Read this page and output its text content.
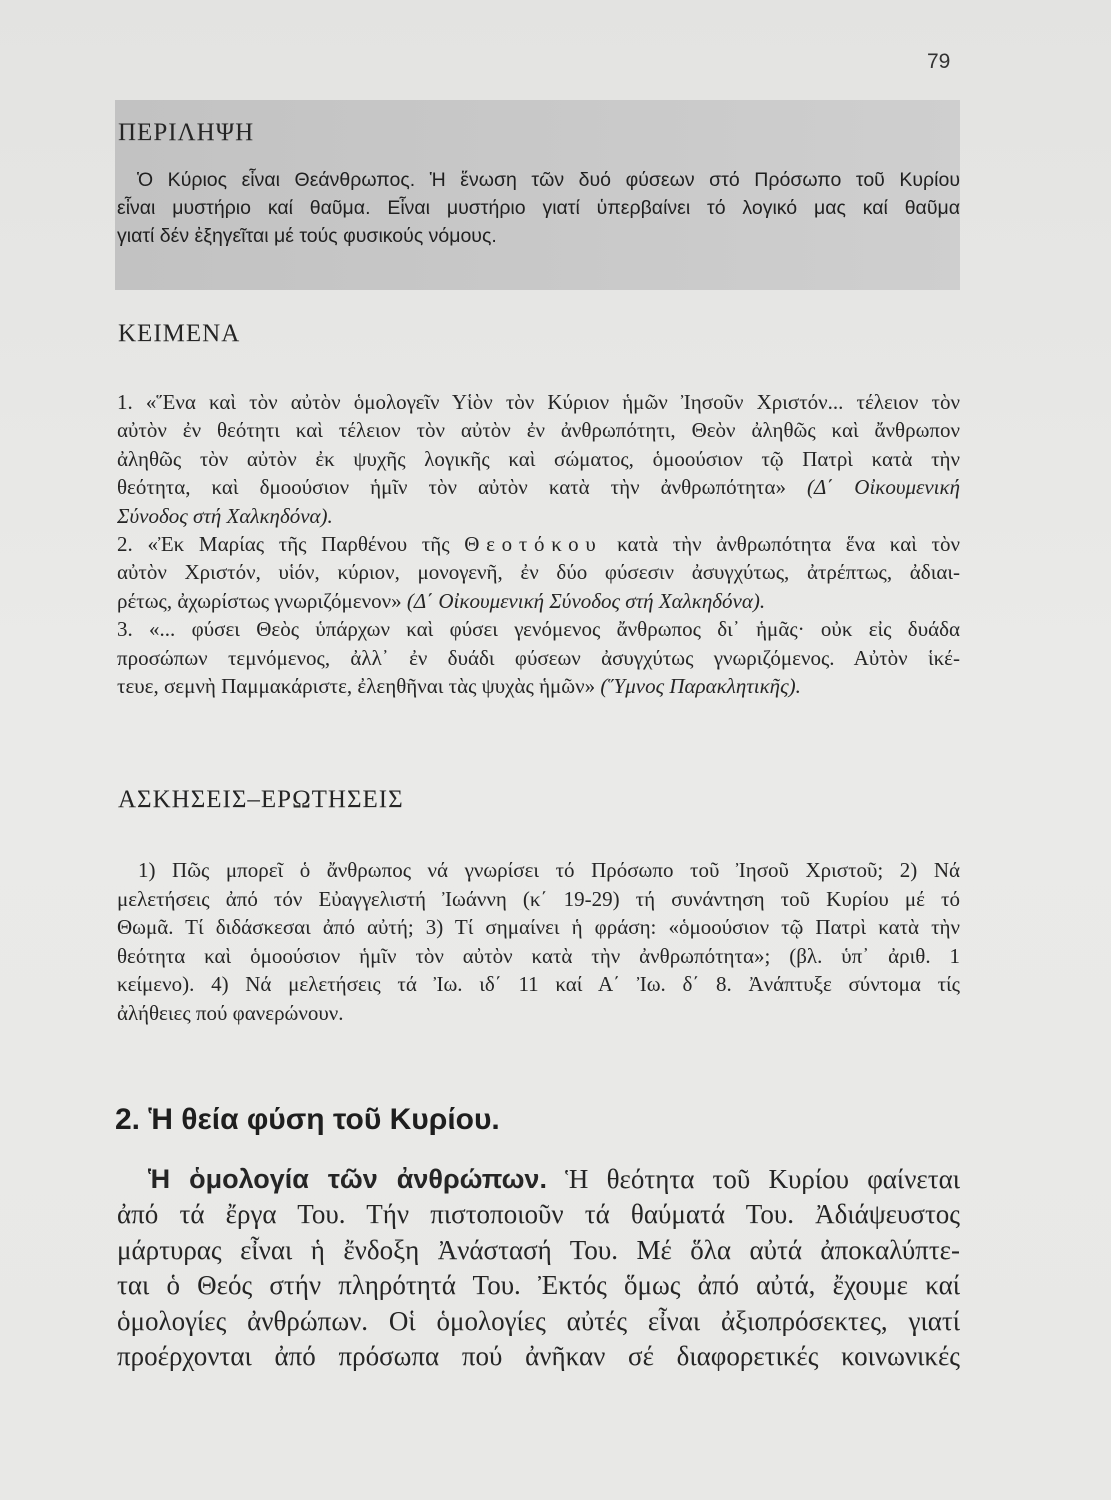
79
ΠΕΡΙΛΗΨΗ
Ὁ Κύριος εἶναι Θεάνθρωπος. Ἡ ἕνωση τῶν δυό φύσεων στό Πρόσωπο τοῦ Κυρίου
εἶναι μυστήριο καί θαῦμα. Εἶναι μυστήριο γιατί ὑπερβαίνει τό λογικό μας καί θαῦμα
γιατί δέν ἐξηγεῖται μέ τούς φυσικούς νόμους.
ΚΕΙΜΕΝΑ
1. «Ἕνα καὶ τὸν αὐτὸν ὁμολογεῖν Υἱὸν τὸν Κύριον ἡμῶν Ἰησοῦν Χριστόν... τέλειον τὸν
αὐτὸν ἐν θεότητι καὶ τέλειον τὸν αὐτὸν ἐν ἀνθρωπότητι, Θεὸν ἀληθῶς καὶ ἄνθρωπον
ἀληθῶς τὸν αὐτὸν ἐκ ψυχῆς λογικῆς καὶ σώματος, ὁμοούσιον τῷ Πατρὶ κατὰ τὴν
θεότητα, καὶ δμοούσιον ἡμῖν τὸν αὐτὸν κατὰ τὴν ἀνθρωπότητα» (Δ΄ Οἰκουμενική
Σύνοδος στή Χαλκηδόνα).
2. «Ἐκ Μαρίας τῆς Παρθένου τῆς Θεοτόκου κατὰ τὴν ἀνθρωπότητα ἕνα καὶ τὸν
αὐτὸν Χριστόν, υἱόν, κύριον, μονογενῆ, ἐν δύο φύσεσιν ἀσυγχύτως, ἀτρέπτως, ἀδιαι-
ρέτως, ἀχωρίστως γνωριζόμενον» (Δ΄ Οἰκουμενική Σύνοδος στή Χαλκηδόνα).
3. «... φύσει Θεὸς ὑπάρχων καὶ φύσει γενόμενος ἄνθρωπος δι᾽ ἡμᾶς· οὐκ εἰς δυάδα
προσώπων τεμνόμενος, ἀλλ᾽ ἐν δυάδι φύσεων ἀσυγχύτως γνωριζόμενος. Αὐτὸν ἱκέ-
τευε, σεμνὴ Παμμακάριστε, ἐλεηθῆναι τὰς ψυχὰς ἡμῶν» (Ὕμνος Παρακλητικῆς).
ΑΣΚΗΣΕΙΣ–ΕΡΩΤΗΣΕΙΣ
1) Πῶς μπορεῖ ὁ ἄνθρωπος νά γνωρίσει τό Πρόσωπο τοῦ Ἰησοῦ Χριστοῦ; 2) Νά
μελετήσεις ἀπό τόν Εὐαγγελιστή Ἰωάννη (κ΄ 19-29) τή συνάντηση τοῦ Κυρίου μέ τό
Θωμᾶ. Τί διδάσκεσαι ἀπό αὐτή; 3) Τί σημαίνει ἡ φράση: «ὁμοούσιον τῷ Πατρὶ κατὰ τὴν
θεότητα καὶ ὁμοούσιον ἡμῖν τὸν αὐτὸν κατὰ τὴν ἀνθρωπότητα»; (βλ. ὑπ᾽ ἀριθ. 1
κείμενο). 4) Νά μελετήσεις τά Ἰω. ιδ΄ 11 καί Α΄ Ἰω. δ΄ 8. Ἀνάπτυξε σύντομα τίς
ἀλήθειες πού φανερώνουν.
2. Ἡ θεία φύση τοῦ Κυρίου.
Ἡ ὁμολογία τῶν ἀνθρώπων. Ἡ θεότητα τοῦ Κυρίου φαίνεται
ἀπό τά ἔργα Του. Τήν πιστοποιοῦν τά θαύματά Του. Ἀδιάψευστος
μάρτυρας εἶναι ἡ ἔνδοξη Ἀνάστασή Του. Μέ ὅλα αὐτά ἀποκαλύπτε-
ται ὁ Θεός στήν πληρότητά Του. Ἐκτός ὅμως ἀπό αὐτά, ἔχουμε καί
ὁμολογίες ἀνθρώπων. Οἱ ὁμολογίες αὐτές εἶναι ἀξιοπρόσεκτες, γιατί
προέρχονται ἀπό πρόσωπα πού ἀνῆκαν σέ διαφορετικές κοινωνικές
